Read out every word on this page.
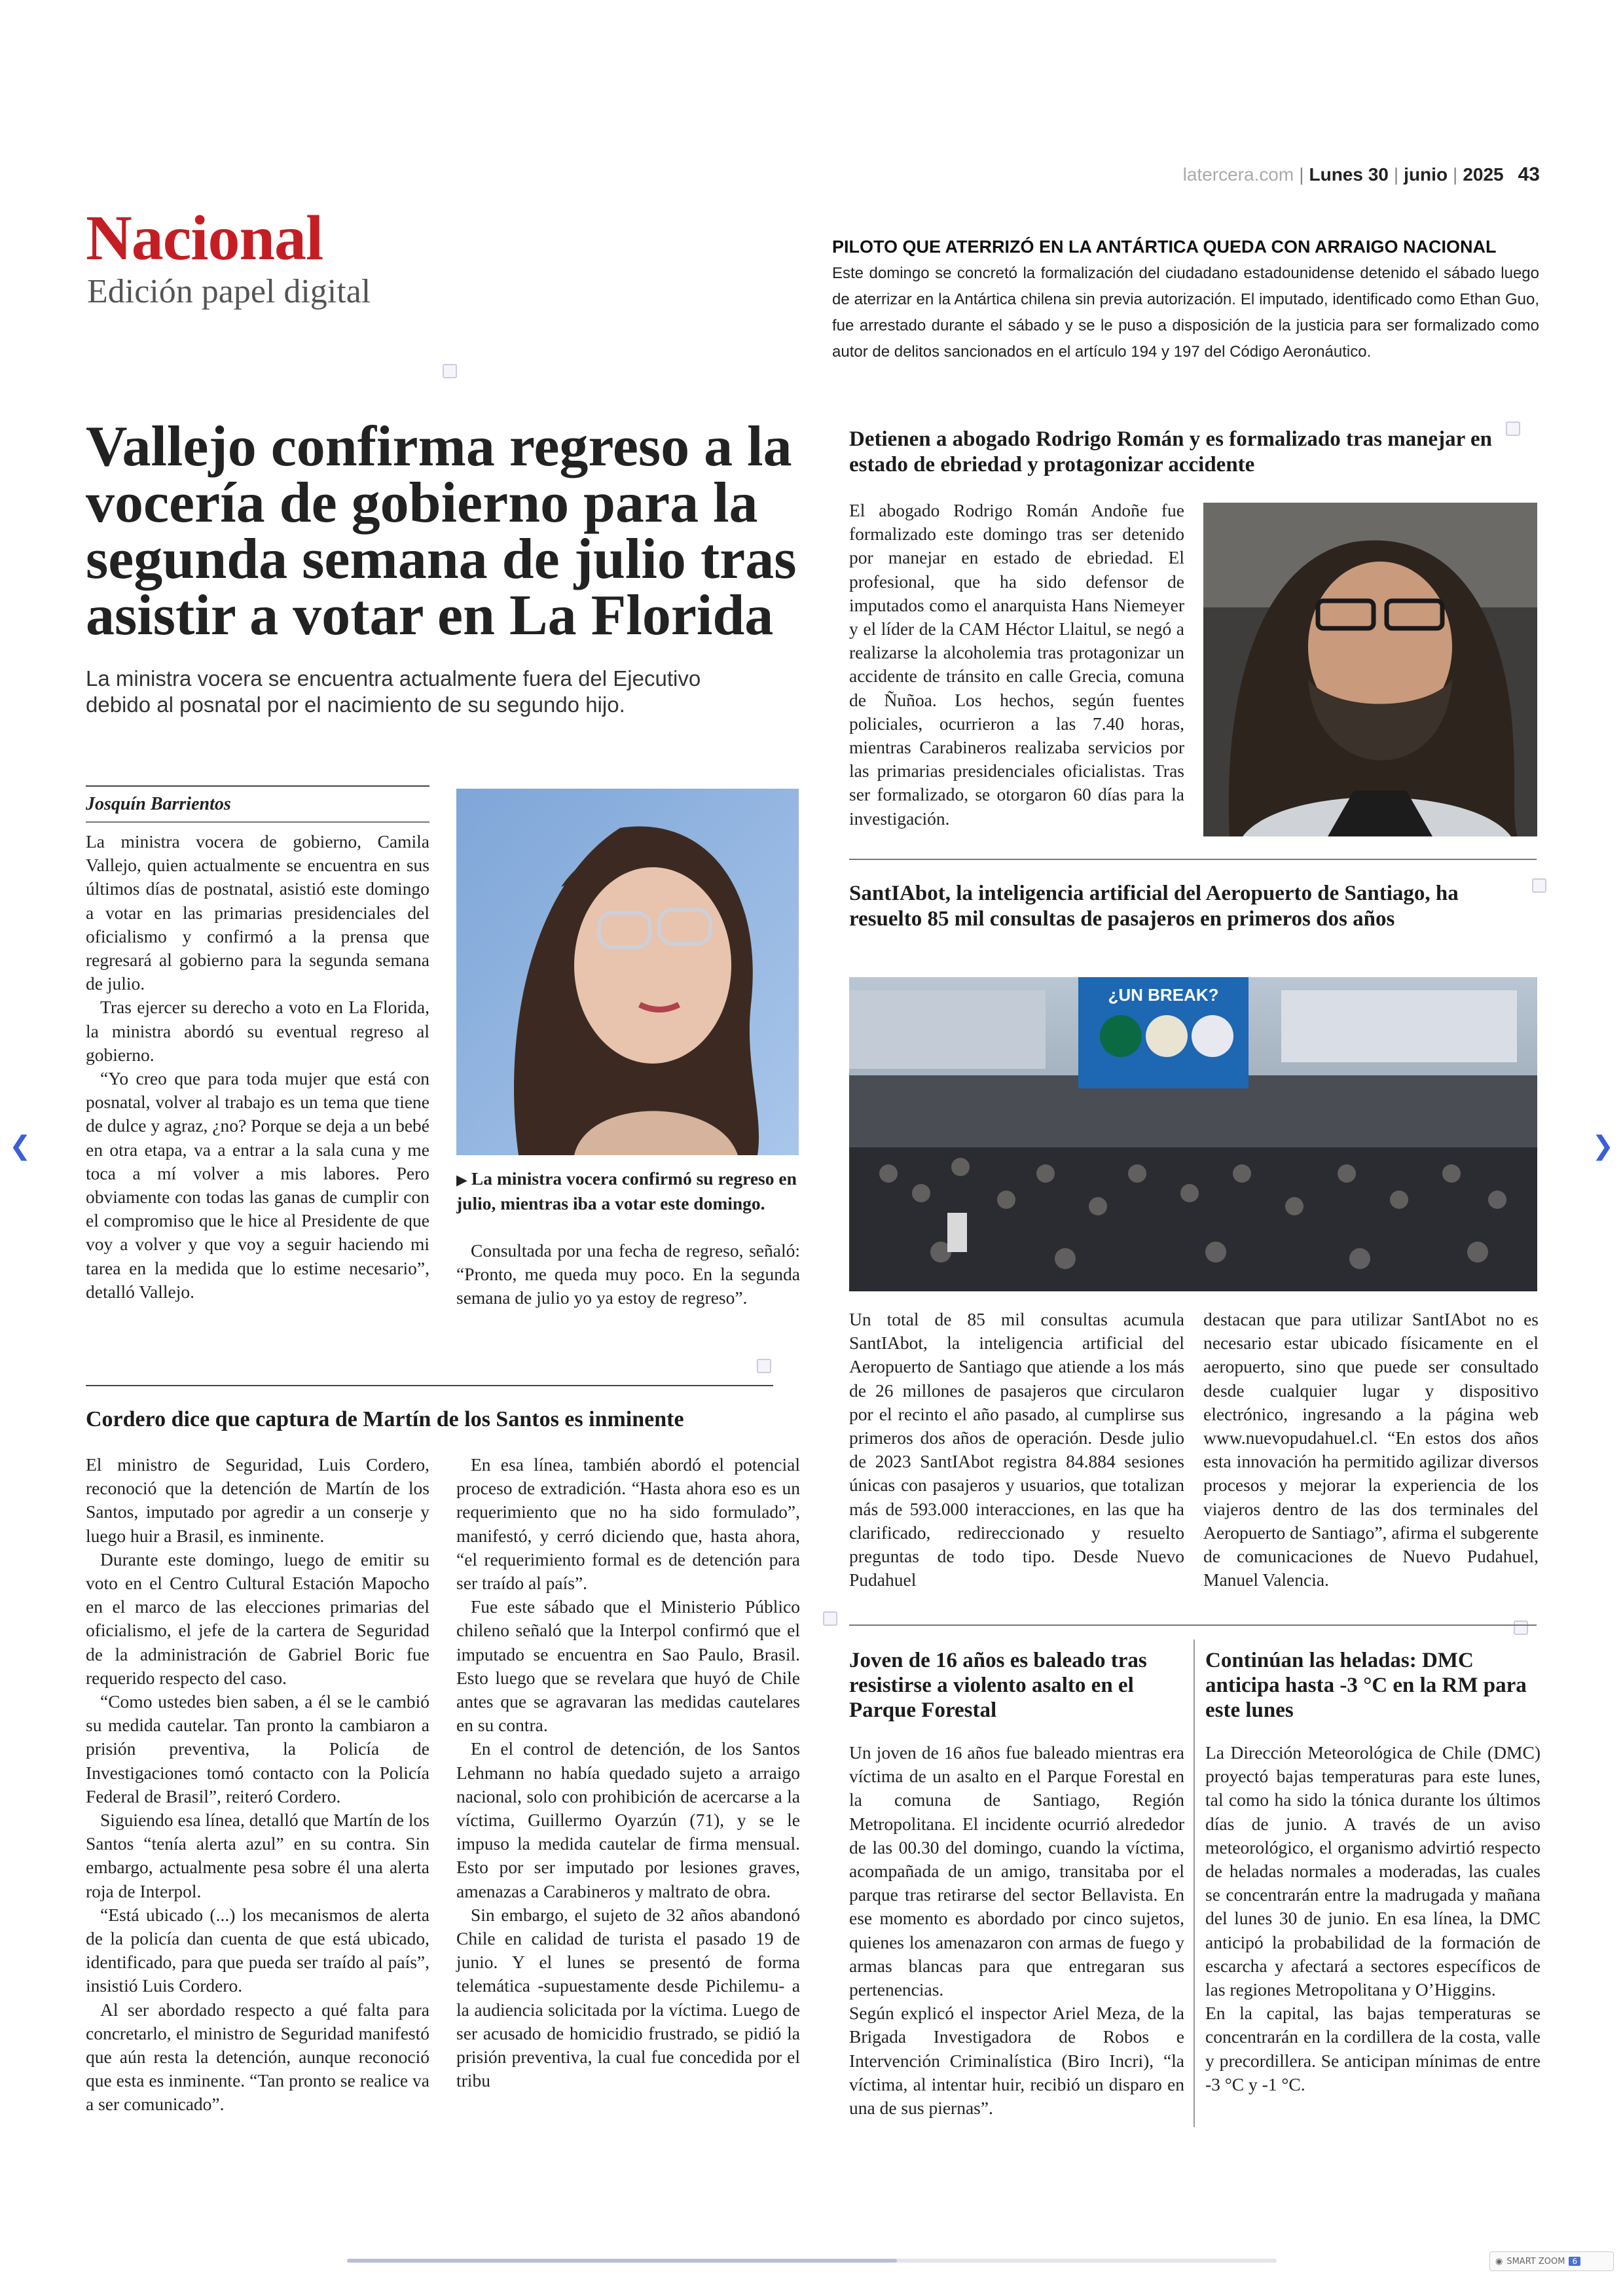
latercera.com | Lunes 30 | junio | 2025 43
Nacional
Edición papel digital
PILOTO QUE ATERRIZÓ EN LA ANTÁRTICA QUEDA CON ARRAIGO NACIONAL
Este domingo se concretó la formalización del ciudadano estadounidense detenido el sábado luego de aterrizar en la Antártica chilena sin previa autorización. El imputado, identificado como Ethan Guo, fue arrestado durante el sábado y se le puso a disposición de la justicia para ser formalizado como autor de delitos sancionados en el artículo 194 y 197 del Código Aeronáutico.
Vallejo confirma regreso a la vocería de gobierno para la segunda semana de julio tras asistir a votar en La Florida
La ministra vocera se encuentra actualmente fuera del Ejecutivo debido al posnatal por el nacimiento de su segundo hijo.
Josquín Barrientos

La ministra vocera de gobierno, Camila Vallejo, quien actualmente se encuentra en sus últimos días de postnatal, asistió este domingo a votar en las primarias presidenciales del oficialismo y confirmó a la prensa que regresará al gobierno para la segunda semana de julio.

Tras ejercer su derecho a voto en La Florida, la ministra abordó su eventual regreso al gobierno.

“Yo creo que para toda mujer que está con posnatal, volver al trabajo es un tema que tiene de dulce y agraz, ¿no? Porque se deja a un bebé en otra etapa, va a entrar a la sala cuna y me toca a mí volver a mis labores. Pero obviamente con todas las ganas de cumplir con el compromiso que le hice al Presidente de que voy a volver y que voy a seguir haciendo mi tarea en la medida que lo estime necesario”, detalló Vallejo.

▶ La ministra vocera confirmó su regreso en julio, mientras iba a votar este domingo.

Consultada por una fecha de regreso, señaló: “Pronto, me queda muy poco. En la segunda semana de julio yo ya estoy de regreso”.

Cordero dice que captura de Martín de los Santos es inminente

El ministro de Seguridad, Luis Cordero, reconoció que la detención de Martín de los Santos, imputado por agredir a un conserje y luego huir a Brasil, es inminente.

Durante este domingo, luego de emitir su voto en el Centro Cultural Estación Mapocho en el marco de las elecciones primarias del oficialismo, el jefe de la cartera de Seguridad de la administración de Gabriel Boric fue requerido respecto del caso.

“Como ustedes bien saben, a él se le cambió su medida cautelar. Tan pronto la cambiaron a prisión preventiva, la Policía de Investigaciones tomó contacto con la Policía Federal de Brasil”, reiteró Cordero.

Siguiendo esa línea, detalló que Martín de los Santos “tenía alerta azul” en su contra. Sin embargo, actualmente pesa sobre él una alerta roja de Interpol.

“Está ubicado (...) los mecanismos de alerta de la policía dan cuenta de que está ubicado, identificado, para que pueda ser traído al país”, insistió Luis Cordero.

Al ser abordado respecto a qué falta para concretarlo, el ministro de Seguridad manifestó que aún resta la detención, aunque reconoció que esta es inminente. “Tan pronto se realice va a ser comunicado”.

En esa línea, también abordó el potencial proceso de extradición. “Hasta ahora eso es un requerimiento que no ha sido formulado”, manifestó, y cerró diciendo que, hasta ahora, “el requerimiento formal es de detención para ser traído al país”.

Fue este sábado que el Ministerio Público chileno señaló que la Interpol confirmó que el imputado se encuentra en Sao Paulo, Brasil. Esto luego que se revelara que huyó de Chile antes que se agravaran las medidas cautelares en su contra.

En el control de detención, de los Santos Lehmann no había quedado sujeto a arraigo nacional, solo con prohibición de acercarse a la víctima, Guillermo Oyarzún (71), y se le impuso la medida cautelar de firma mensual. Esto por ser imputado por lesiones graves, amenazas a Carabineros y maltrato de obra.

Sin embargo, el sujeto de 32 años abandonó Chile en calidad de turista el pasado 19 de junio. Y el lunes se presentó de forma telemática -supuestamente desde Pichilemu- a la audiencia solicitada por la víctima. Luego de ser acusado de homicidio frustrado, se pidió la prisión preventiva, la cual fue concedida por el tribu

Detienen a abogado Rodrigo Román y es formalizado tras manejar en estado de ebriedad y protagonizar accidente

El abogado Rodrigo Román Andoñe fue formalizado este domingo tras ser detenido por manejar en estado de ebriedad. El profesional, que ha sido defensor de imputados como el anarquista Hans Niemeyer y el líder de la CAM Héctor Llaitul, se negó a realizarse la alcoholemia tras protagonizar un accidente de tránsito en calle Grecia, comuna de Ñuñoa. Los hechos, según fuentes policiales, ocurrieron a las 7.40 horas, mientras Carabineros realizaba servicios por las primarias presidenciales oficialistas. Tras ser formalizado, se otorgaron 60 días para la investigación.

SantIAbot, la inteligencia artificial del Aeropuerto de Santiago, ha resuelto 85 mil consultas de pasajeros en primeros dos años
¿UN BREAK?

Un total de 85 mil consultas acumula SantIAbot, la inteligencia artificial del Aeropuerto de Santiago que atiende a los más de 26 millones de pasajeros que circularon por el recinto el año pasado, al cumplirse sus primeros dos años de operación. Desde julio de 2023 SantIAbot registra 84.884 sesiones únicas con pasajeros y usuarios, que totalizan más de 593.000 interacciones, en las que ha clarificado, redireccionado y resuelto preguntas de todo tipo. Desde Nuevo Pudahuel

destacan que para utilizar SantIAbot no es necesario estar ubicado físicamente en el aeropuerto, sino que puede ser consultado desde cualquier lugar y dispositivo electrónico, ingresando a la página web www.nuevopudahuel.cl. “En estos dos años esta innovación ha permitido agilizar diversos procesos y mejorar la experiencia de los viajeros dentro de las dos terminales del Aeropuerto de Santiago”, afirma el subgerente de comunicaciones de Nuevo Pudahuel, Manuel Valencia.

Joven de 16 años es baleado tras resistirse a violento asalto en el Parque Forestal

Un joven de 16 años fue baleado mientras era víctima de un asalto en el Parque Forestal en la comuna de Santiago, Región Metropolitana. El incidente ocurrió alrededor de las 00.30 del domingo, cuando la víctima, acompañada de un amigo, transitaba por el parque tras retirarse del sector Bellavista. En ese momento es abordado por cinco sujetos, quienes los amenazaron con armas de fuego y armas blancas para que entregaran sus pertenencias.

Según explicó el inspector Ariel Meza, de la Brigada Investigadora de Robos e Intervención Criminalística (Biro Incri), “la víctima, al intentar huir, recibió un disparo en una de sus piernas”.

Continúan las heladas: DMC anticipa hasta -3 °C en la RM para este lunes

La Dirección Meteorológica de Chile (DMC) proyectó bajas temperaturas para este lunes, tal como ha sido la tónica durante los últimos días de junio. A través de un aviso meteorológico, el organismo advirtió respecto de heladas normales a moderadas, las cuales se concentrarán entre la madrugada y mañana del lunes 30 de junio. En esa línea, la DMC anticipó la probabilidad de la formación de escarcha y afectará a sectores específicos de las regiones Metropolitana y O’Higgins.

En la capital, las bajas temperaturas se concentrarán en la cordillera de la costa, valle y precordillera. Se anticipan mínimas de entre -3 °C y -1 °C.

❮	❯
◉ SMART ZOOM 6
